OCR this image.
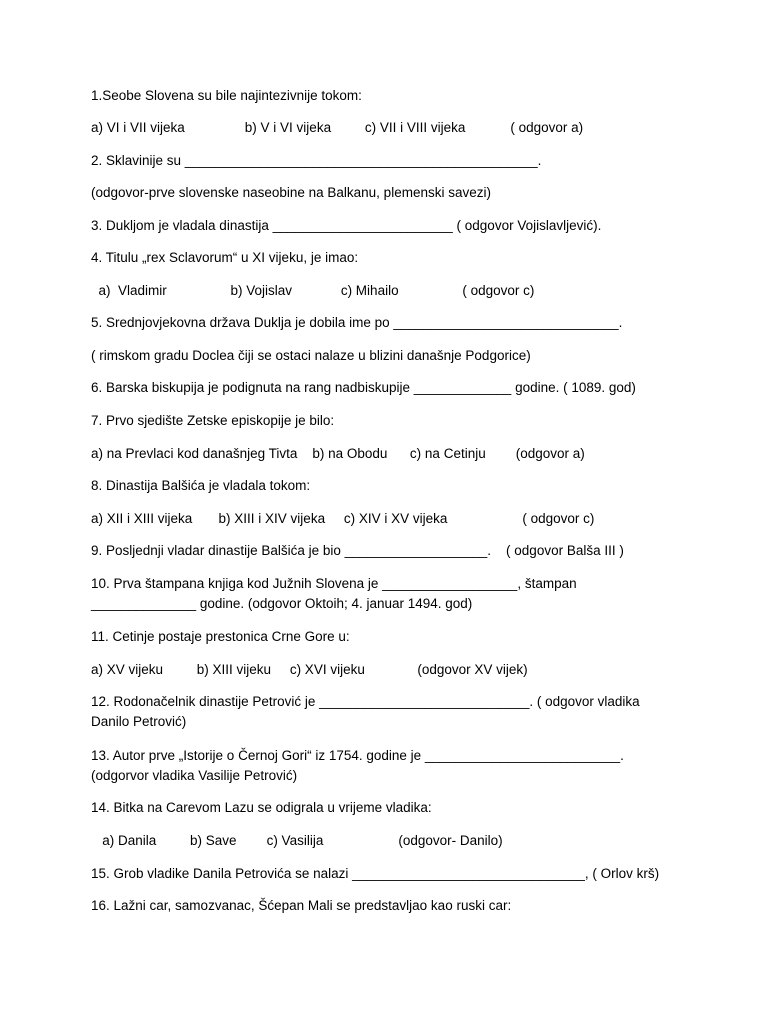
1.Seobe Slovena su bile najintezivnije tokom:

a) VI i VII vijeka                b) V i VI vijeka         c) VII i VIII vijeka            ( odgovor a)

2. Sklavinije su _______________________________________________.

(odgovor-prve slovenske naseobine na Balkanu, plemenski savezi)

3. Dukljom je vladala dinastija ________________________ ( odgovor Vojislavljević).

4. Titulu „rex Sclavorum“ u XI vijeku, je imao:

a)  Vladimir                 b) Vojislav             c) Mihailo                 ( odgovor c)

5. Srednjovjekovna država Duklja je dobila ime po ______________________________.

( rimskom gradu Doclea čiji se ostaci nalaze u blizini današnje Podgorice)

6. Barska biskupija je podignuta na rang nadbiskupije _____________ godine. ( 1089. god)

7. Prvo sjedište Zetske episkopije je bilo:

a) na Prevlaci kod današnjeg Tivta    b) na Obodu      c) na Cetinju        (odgovor a)

8. Dinastija Balšića je vladala tokom:

a) XII i XIII vijeka       b) XIII i XIV vijeka     c) XIV i XV vijeka                    ( odgovor c)

9. Posljednji vladar dinastije Balšića je bio ___________________.    ( odgovor Balša III )

10. Prva štampana knjiga kod Južnih Slovena je __________________, štampan
______________ godine. (odgovor Oktoih; 4. januar 1494. god)

11. Cetinje postaje prestonica Crne Gore u:

a) XV vijeku         b) XIII vijeku     c) XVI vijeku              (odgovor XV vijek)

12. Rodonačelnik dinastije Petrović je ____________________________. ( odgovor vladika
Danilo Petrović)

13. Autor prve „Istorije o Černoj Gori“ iz 1754. godine je __________________________.
(odgorvor vladika Vasilije Petrović)

14. Bitka na Carevom Lazu se odigrala u vrijeme vladika:

a) Danila         b) Save        c) Vasilija                    (odgovor- Danilo)

15. Grob vladike Danila Petrovića se nalazi _______________________________, ( Orlov krš)

16. Lažni car, samozvanac, Šćepan Mali se predstavljao kao ruski car:
